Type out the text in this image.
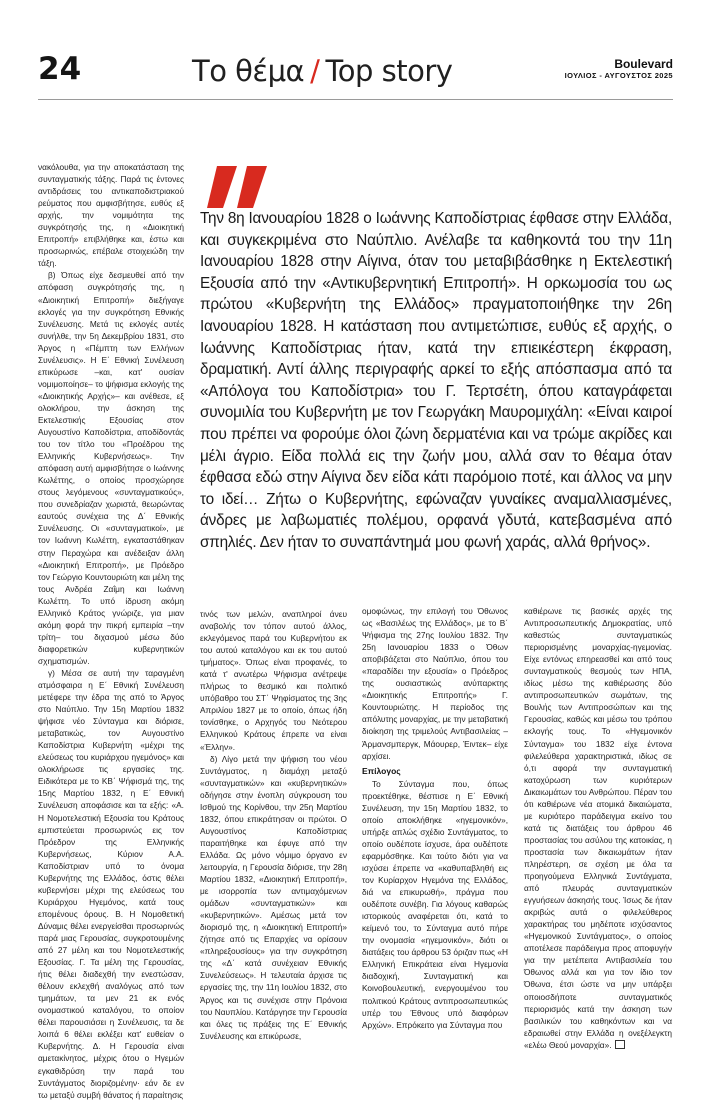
24	Το θέμα / Top story	Boulevard
ΙΟΥΛΙΟΣ - ΑΥΓΟΥΣΤΟΣ 2025

Την 8η Ιανουαρίου 1828 ο Ιωάννης Καποδίστριας έφθασε στην Ελλάδα, και συγκεκριμένα στο Ναύπλιο. Ανέλαβε τα καθηκοντά του την 11η Ιανουαρίου 1828 στην Αίγινα, όταν του μεταβιβάσθηκε η Εκτελεστική Εξουσία από την «Αντικυβερνητική Επιτροπή». Η ορκωμοσία του ως πρώτου «Κυβερνήτη της Ελλάδος» πραγματοποιήθηκε την 26η Ιανουαρίου 1828. Η κατάσταση που αντιμετώπισε, ευθύς εξ αρχής, ο Ιωάννης Καποδίστριας ήταν, κατά την επιεικέστερη έκφραση, δραματική. Αντί άλλης περιγραφής αρκεί το εξής απόσπασμα από τα «Απόλογα του Καποδίστρια» του Γ. Τερτσέτη, όπου καταγράφεται συνομιλία του Κυβερνήτη με τον Γεωργάκη Μαυρομιχάλη: «Είναι καιροί που πρέπει να φορούμε όλοι ζώνη δερματένια και να τρώμε ακρίδες και μέλι άγριο. Είδα πολλά εις την ζωήν μου, αλλά σαν το θέαμα όταν έφθασα εδώ στην Αίγινα δεν είδα κάτι παρόμοιο ποτέ, και άλλος να μην το ιδεί… Ζήτω ο Κυβερνήτης, εφώναζαν γυναίκες αναμαλλιασμένες, άνδρες με λαβωματιές πολέμου, ορφανά γδυτά, κατεβασμένα από σπηλιές. Δεν ήταν το συναπάντημά μου φωνή χαράς, αλλά θρήνος».

νακόλουθα, για την αποκατάσταση της συνταγματικής τάξης. Παρά τις έντονες αντιδράσεις του αντικαποδιστριακού ρεύματος που αμφισβήτησε, ευθύς εξ αρχής, την νομιμότητα της συγκρότησής της, η «Διοικητική Επιτροπή» επιβλήθηκε και, έστω και προσωρινώς, επέβαλε στοιχειώδη την τάξη.

β) Όπως είχε δεσμευθεί από την απόφαση συγκρότησής της, η «Διοικητική Επιτροπή» διεξήγαγε εκλογές για την συγκρότηση Εθνικής Συνέλευσης. Μετά τις εκλογές αυτές συνήλθε, την 5η Δεκεμβρίου 1831, στο Άργος η «Πέμπτη των Ελλήνων Συνέλευσις». Η Ε΄ Εθνική Συνέλευση επικύρωσε –και, κατ' ουσίαν νομιμοποίησε– το ψήφισμα εκλογής της «Διοικητικής Αρχής»– και ανέθεσε, εξ ολοκλήρου, την άσκηση της Εκτελεστικής Εξουσίας στον Αυγουστίνο Καποδίστρια, αποδίδοντάς του τον τίτλο του «Προέδρου της Ελληνικής Κυβερνήσεως». Την απόφαση αυτή αμφισβήτησε ο Ιωάννης Κωλέττης, ο οποίος προσχώρησε στους λεγόμενους «συνταγματικούς», που συνεδρίαζαν χωριστά, θεωρώντας εαυτούς συνέχεια της Δ΄ Εθνικής Συνέλευσης. Οι «συνταγματικοί», με τον Ιωάννη Κωλέττη, εγκαταστάθηκαν στην Περαχώρα και ανέδειξαν άλλη «Διοικητική Επιτροπή», με Πρόεδρο τον Γεώργιο Κουντουριώτη και μέλη της τους Ανδρέα Ζαΐμη και Ιωάννη Κωλέττη. Το υπό ίδρυση ακόμη Ελληνικό Κράτος γνώριζε, για μιαν ακόμη φορά την πικρή εμπειρία –την τρίτη– του διχασμού μέσω δύο διαφορετικών κυβερνητικών σχηματισμών.

γ) Μέσα σε αυτή την ταραγμένη ατμόσφαιρα η Ε΄ Εθνική Συνέλευση μετέφερε την έδρα της από το Άργος στο Ναύπλιο. Την 15η Μαρτίου 1832 ψήφισε νέο Σύνταγμα και διόρισε, μεταβατικώς, τον Αυγουστίνο Καποδίστρια Κυβερνήτη «μέχρι της ελεύσεως του κυριάρχου ηγεμόνος» και ολοκλήρωσε τις εργασίες της. Ειδικότερα με το ΚΒ΄ Ψήφισμά της, της 15ης Μαρτίου 1832, η Ε΄ Εθνική Συνέλευση αποφάσισε και τα εξής: «Α. Η Νομοτελεστική Εξουσία του Κράτους εμπιστεύεται προσωρινώς εις τον Πρόεδρον της Ελληνικής Κυβερνήσεως, Κύριον Α.Α. Καποδίστριαν υπό το όνομα Κυβερνήτης της Ελλάδος, όστις θέλει κυβερνήσει μέχρι της ελεύσεως του Κυριάρχου Ηγεμόνος, κατά τους επομένους όρους. Β. Η Νομοθετική Δύναμις θέλει ενεργείσθαι προσωρινώς παρά μιας Γερουσίας, συγκροτουμένης από 27 μέλη και του Νομοτελεστικής Εξουσίας. Γ. Τα μέλη της Γερουσίας, ήτις θέλει διαδεχθή την ενεστώσαν, θέλουν εκλεχθή αναλόγως από των τμημάτων, τα μεν 21 εκ ενός ονομαστικού καταλόγου, το οποίον θέλει παρουσιάσει η Συνέλευσις, τα δε λοιπά 6 θέλει εκλέξει κατ' ευθείαν ο Κυβερνήτης. Δ. Η Γερουσία είναι αμετακίνητος, μέχρις ότου ο Ηγεμών εγκαθιδρύση την παρά του Συντάγματος διοριζομένην· εάν δε εν τω μεταξύ συμβή θάνατος ή παραίτησις

τινός των μελών, αναπληροί άνευ αναβολής τον τόπον αυτού άλλος, εκλεγόμενος παρά του Κυβερνήτου εκ του αυτού καταλόγου και εκ του αυτού τμήματος». Όπως είναι προφανές, το κατά τ' ανωτέρω Ψήφισμα ανέτρεψε πλήρως το θεσμικό και πολιτικό υπόβαθρο του ΣΤ΄ Ψηφίσματος της 3ης Απριλίου 1827 με το οποίο, όπως ήδη τονίσθηκε, ο Αρχηγός του Νεότερου Ελληνικού Κράτους έπρεπε να είναι «Έλλην».

δ) Λίγο μετά την ψήφιση του νέου Συντάγματος, η διαμάχη μεταξύ «συνταγματικών» και «κυβερνητικών» οδήγησε στην ένοπλη σύγκρουση του Ισθμού της Κορίνθου, την 25η Μαρτίου 1832, όπου επικράτησαν οι πρώτοι. Ο Αυγουστίνος Καποδίστριας παραιτήθηκε και έφυγε από την Ελλάδα. Ως μόνο νόμιμο όργανο εν λειτουργία, η Γερουσία διόρισε, την 28η Μαρτίου 1832, «Διοικητική Επιτροπή», με ισορροπία των αντιμαχόμενων ομάδων «συνταγματικών» και «κυβερνητικών». Αμέσως μετά τον διορισμό της, η «Διοικητική Επιτροπή» ζήτησε από τις Επαρχίες να ορίσουν «πληρεξουσίους» για την συγκρότηση της «Δ΄ κατά συνέχειαν Εθνικής Συνελεύσεως». Η τελευταία άρχισε τις εργασίες της, την 11η Ιουλίου 1832, στο Άργος και τις συνέχισε στην Πρόνοια του Ναυπλίου. Κατάργησε την Γερουσία και όλες τις πράξεις της Ε΄ Εθνικής Συνέλευσης και επικύρωσε,

ομοφώνως, την επιλογή του Όθωνος ως «Βασιλέως της Ελλάδος», με το Β΄ Ψήφισμα της 27ης Ιουλίου 1832. Την 25η Ιανουαρίου 1833 ο Όθων αποβιβάζεται στο Ναύπλιο, όπου του «παραδίδει την εξουσία» ο Πρόεδρος της ουσιαστικώς ανύπαρκτης «Διοικητικής Επιτροπής» Γ. Κουντουριώτης. Η περίοδος της απόλυτης μοναρχίας, με την μεταβατική διοίκηση της τριμελούς Αντιβασιλείας – Άρμανσμπεργκ, Μάουρερ, Έιντεκ– είχε αρχίσει.

Επίλογος

Το Σύνταγμα που, όπως προεκτέθηκε, θέσπισε η Ε΄ Εθνική Συνέλευση, την 15η Μαρτίου 1832, το οποίο αποκλήθηκε «ηγεμονικόν», υπήρξε απλώς σχέδιο Συντάγματος, το οποίο ουδέποτε ίσχυσε, άρα ουδέποτε εφαρμόσθηκε. Και τούτο διότι για να ισχύσει έπρεπε να «καθυπαβληθή εις τον Κυρίαρχον Ηγεμόνα της Ελλάδος, διά να επικυρωθή», πράγμα που ουδέποτε συνέβη. Για λόγους καθαρώς ιστορικούς αναφέρεται ότι, κατά το κείμενό του, το Σύνταγμα αυτό πήρε την ονομασία «ηγεμονικόν», διότι οι διατάξεις του άρθρου 53 όριζαν πως «Η Ελληνική Επικράτεια είναι Ηγεμονία διαδοχική, Συνταγματική και Κοινοβουλευτική, ενεργουμένου του πολιτικού Κράτους αντιπροσωπευτικώς υπέρ του Έθνους υπό διαφόρων Αρχών». Επρόκειτο για Σύνταγμα που

καθιέρωνε τις βασικές αρχές της Αντιπροσωπευτικής Δημοκρατίας, υπό καθεστώς συνταγματικώς περιορισμένης μοναρχίας-ηγεμονίας. Είχε εντόνως επηρεασθεί και από τους συνταγματικούς θεσμούς των ΗΠΑ, ιδίως μέσω της καθιέρωσης δύο αντιπροσωπευτικών σωμάτων, της Βουλής των Αντιπροσώπων και της Γερουσίας, καθώς και μέσω του τρόπου εκλογής τους. Το «Ηγεμονικόν Σύνταγμα» του 1832 είχε έντονα φιλελεύθερα χαρακτηριστικά, ιδίως σε ό,τι αφορά την συνταγματική κατοχύρωση των κυριότερων Δικαιωμάτων του Ανθρώπου. Πέραν του ότι καθιέρωνε νέα ατομικά δικαιώματα, με κυριότερο παράδειγμα εκείνο του κατά τις διατάξεις του άρθρου 46 προστασίας του ασύλου της κατοικίας, η προστασία των δικαιωμάτων ήταν πληρέστερη, σε σχέση με όλα τα προηγούμενα Ελληνικά Συντάγματα, από πλευράς συνταγματικών εγγυήσεων άσκησής τους. Ίσως δε ήταν ακριβώς αυτά ο φιλελεύθερος χαρακτήρας του μηδέποτε ισχύσαντος «Ηγεμονικού Συντάγματος», ο οποίος αποτέλεσε παράδειγμα προς αποφυγήν για την μετέπειτα Αντιβασιλεία του Όθωνος αλλά και για τον ίδιο τον Όθωνα, έτσι ώστε να μην υπάρξει οποιοσδήποτε συνταγματικός περιορισμός κατά την άσκηση των βασιλικών του καθηκόντων και να εδραιωθεί στην Ελλάδα η ονεξέλεγκτη «ελέω Θεού μοναρχία».
